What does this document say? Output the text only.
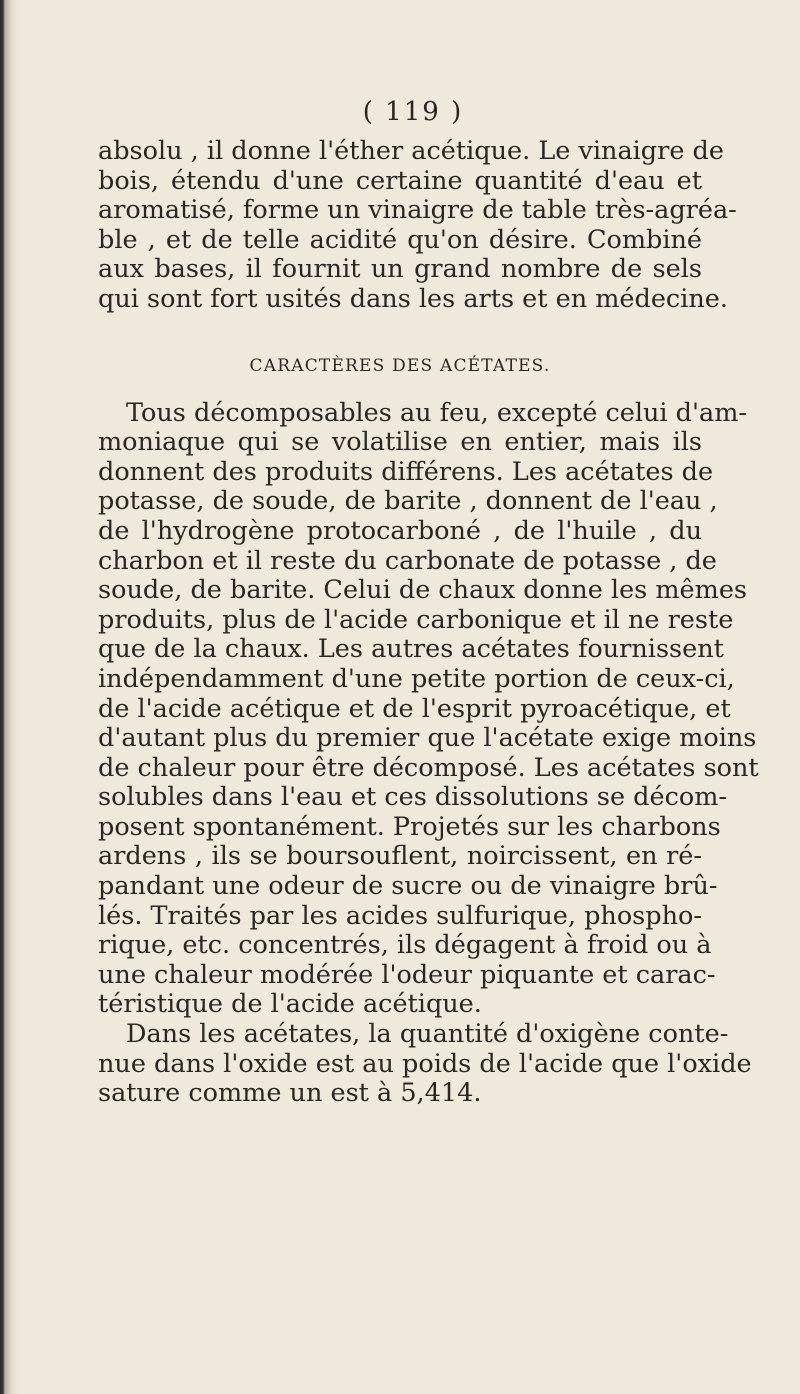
( 119 )
absolu , il donne l'éther acétique. Le vinaigre de
bois, étendu d'une certaine quantité d'eau et
aromatisé, forme un vinaigre de table très-agréa-
ble , et de telle acidité qu'on désire. Combiné
aux bases, il fournit un grand nombre de sels
qui sont fort usités dans les arts et en médecine.
CARACTÈRES DES ACÉTATES.
Tous décomposables au feu, excepté celui d'am-
moniaque qui se volatilise en entier, mais ils
donnent des produits différens. Les acétates de
potasse, de soude, de barite , donnent de l'eau ,
de l'hydrogène protocarboné , de l'huile , du
charbon et il reste du carbonate de potasse , de
soude, de barite. Celui de chaux donne les mêmes
produits, plus de l'acide carbonique et il ne reste
que de la chaux. Les autres acétates fournissent
indépendamment d'une petite portion de ceux-ci,
de l'acide acétique et de l'esprit pyroacétique, et
d'autant plus du premier que l'acétate exige moins
de chaleur pour être décomposé. Les acétates sont
solubles dans l'eau et ces dissolutions se décom-
posent spontanément. Projetés sur les charbons
ardens , ils se boursouflent, noircissent, en ré-
pandant une odeur de sucre ou de vinaigre brû-
lés. Traités par les acides sulfurique, phospho-
rique, etc. concentrés, ils dégagent à froid ou à
une chaleur modérée l'odeur piquante et carac-
téristique de l'acide acétique.
Dans les acétates, la quantité d'oxigène conte-
nue dans l'oxide est au poids de l'acide que l'oxide
sature comme un est à 5,414.
